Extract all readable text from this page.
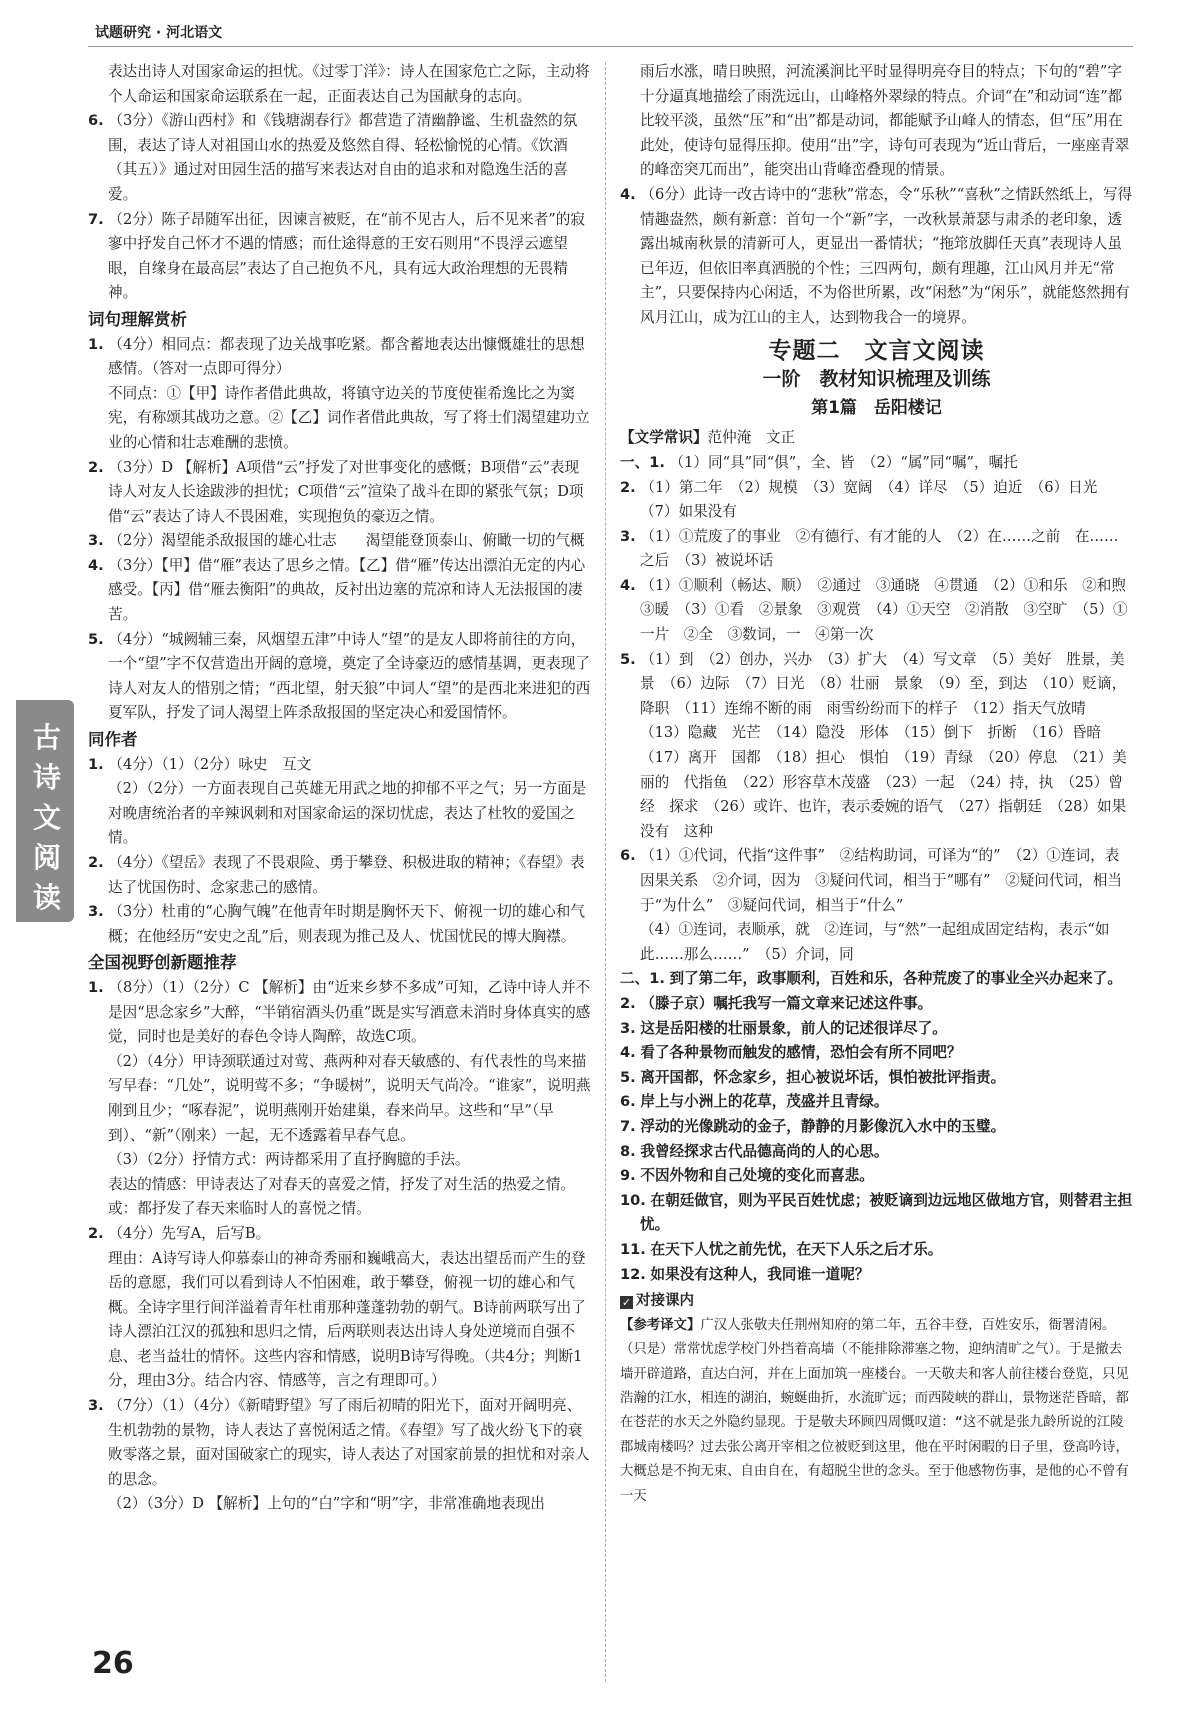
试题研究 · 河北语文
古诗文阅读

表达出诗人对国家命运的担忧。《过零丁洋》：诗人在国家危亡之际，主动将个人命运和国家命运联系在一起，正面表达自己为国献身的志向。

6. （3分）《游山西村》和《钱塘湖春行》都营造了清幽静谧、生机盎然的氛围，表达了诗人对祖国山水的热爱及悠然自得、轻松愉悦的心情。《饮酒（其五）》通过对田园生活的描写来表达对自由的追求和对隐逸生活的喜爱。

7. （2分）陈子昂随军出征，因谏言被贬，在“前不见古人，后不见来者”的寂寥中抒发自己怀才不遇的情感；而仕途得意的王安石则用“不畏浮云遮望眼，自缘身在最高层”表达了自己抱负不凡，具有远大政治理想的无畏精神。

词句理解赏析

1. （4分）相同点：都表现了边关战事吃紧。都含蓄地表达出慷慨雄壮的思想感情。（答对一点即可得分）

不同点：①【甲】诗作者借此典故，将镇守边关的节度使崔希逸比之为窦宪，有称颂其战功之意。②【乙】词作者借此典故，写了将士们渴望建功立业的心情和壮志难酬的悲愤。

2. （3分）D 【解析】A项借“云”抒发了对世事变化的感慨；B项借“云”表现诗人对友人长途跋涉的担忧；C项借“云”渲染了战斗在即的紧张气氛；D项借“云”表达了诗人不畏困难，实现抱负的豪迈之情。

3. （2分）渴望能杀敌报国的雄心壮志　　渴望能登顶泰山、俯瞰一切的气概

4. （3分）【甲】借“雁”表达了思乡之情。【乙】借“雁”传达出漂泊无定的内心感受。【丙】借“雁去衡阳”的典故，反衬出边塞的荒凉和诗人无法报国的凄苦。

5. （4分）“城阙辅三秦，风烟望五津”中诗人“望”的是友人即将前往的方向，一个“望”字不仅营造出开阔的意境，奠定了全诗豪迈的感情基调，更表现了诗人对友人的惜别之情；“西北望，射天狼”中词人“望”的是西北来进犯的西夏军队，抒发了词人渴望上阵杀敌报国的坚定决心和爱国情怀。

同作者

1. （4分）（1）（2分）咏史　互文

（2）（2分）一方面表现自己英雄无用武之地的抑郁不平之气；另一方面是对晚唐统治者的辛辣讽刺和对国家命运的深切忧虑，表达了杜牧的爱国之情。

2. （4分）《望岳》表现了不畏艰险、勇于攀登、积极进取的精神；《春望》表达了忧国伤时、念家悲己的感情。

3. （3分）杜甫的“心胸气魄”在他青年时期是胸怀天下、俯视一切的雄心和气概；在他经历“安史之乱”后，则表现为推己及人、忧国忧民的博大胸襟。

全国视野创新题推荐

1. （8分）（1）（2分）C 【解析】由“近来乡梦不多成”可知，乙诗中诗人并不是因“思念家乡”大醉，“半销宿酒头仍重”既是实写酒意未消时身体真实的感觉，同时也是美好的春色令诗人陶醉，故选C项。

（2）（4分）甲诗颈联通过对莺、燕两种对春天敏感的、有代表性的鸟来描写早春：“几处”，说明莺不多；“争暖树”，说明天气尚冷。“谁家”，说明燕刚到且少；“啄春泥”，说明燕刚开始建巢，春来尚早。这些和“早”（早到）、“新”（刚来）一起，无不透露着早春气息。

（3）（2分）抒情方式：两诗都采用了直抒胸臆的手法。

表达的情感：甲诗表达了对春天的喜爱之情，抒发了对生活的热爱之情。或：都抒发了春天来临时人的喜悦之情。

2. （4分）先写A，后写B。

理由：A诗写诗人仰慕泰山的神奇秀丽和巍峨高大，表达出望岳而产生的登岳的意愿，我们可以看到诗人不怕困难，敢于攀登，俯视一切的雄心和气概。全诗字里行间洋溢着青年杜甫那种蓬蓬勃勃的朝气。B诗前两联写出了诗人漂泊江汉的孤独和思归之情，后两联则表达出诗人身处逆境而自强不息、老当益壮的情怀。这些内容和情感，说明B诗写得晚。（共4分；判断1分，理由3分。结合内容、情感等，言之有理即可。）

3. （7分）（1）（4分）《新晴野望》写了雨后初晴的阳光下，面对开阔明亮、生机勃勃的景物，诗人表达了喜悦闲适之情。《春望》写了战火纷飞下的衰败零落之景，面对国破家亡的现实，诗人表达了对国家前景的担忧和对亲人的思念。

（2）（3分）D 【解析】上句的“白”字和“明”字，非常准确地表现出

雨后水涨，晴日映照，河流溪涧比平时显得明亮夺目的特点；下句的“碧”字十分逼真地描绘了雨洗远山，山峰格外翠绿的特点。介词“在”和动词“连”都比较平淡，虽然“压”和“出”都是动词，都能赋予山峰人的情态，但“压”用在此处，使诗句显得压抑。使用“出”字，诗句可表现为“近山背后，一座座青翠的峰峦突兀而出”，能突出山背峰峦叠现的情景。

4. （6分）此诗一改古诗中的“悲秋”常态，令“乐秋”“喜秋”之情跃然纸上，写得情趣盎然，颇有新意：首句一个“新”字，一改秋景萧瑟与肃杀的老印象，透露出城南秋景的清新可人，更显出一番情状；“拖筇放脚任天真”表现诗人虽已年迈，但依旧率真洒脱的个性；三四两句，颇有理趣，江山风月并无“常主”，只要保持内心闲适，不为俗世所累，改“闲愁”为“闲乐”，就能悠然拥有风月江山，成为江山的主人，达到物我合一的境界。

专题二　文言文阅读
一阶　教材知识梳理及训练
第1篇　岳阳楼记

【文学常识】范仲淹　文正

一、1. （1）同“具”同“俱”，全、皆　（2）“属”同“嘱”，嘱托

2. （1）第二年　（2）规模　（3）宽阔　（4）详尽　（5）迫近　（6）日光　（7）如果没有

3. （1）①荒废了的事业　②有德行、有才能的人　（2）在……之前　在……之后　（3）被说坏话

4. （1）①顺利（畅达、顺）　②通过　③通晓　④贯通　（2）①和乐　②和煦　③暖　（3）①看　②景象　③观赏　（4）①天空　②消散　③空旷　（5）①一片　②全　③数词，一　④第一次

5. （1）到　（2）创办，兴办　（3）扩大　（4）写文章　（5）美好　胜景，美景　（6）边际　（7）日光　（8）壮丽　景象　（9）至，到达　（10）贬谪，降职　（11）连绵不断的雨　雨雪纷纷而下的样子　（12）指天气放晴　（13）隐藏　光芒　（14）隐没　形体　（15）倒下　折断　（16）昏暗　（17）离开　国都　（18）担心　惧怕　（19）青绿　（20）停息　（21）美丽的　代指鱼　（22）形容草木茂盛　（23）一起　（24）持，执　（25）曾经　探求　（26）或许、也许，表示委婉的语气　（27）指朝廷　（28）如果没有　这种

6. （1）①代词，代指“这件事”　②结构助词，可译为“的”　（2）①连词，表因果关系　②介词，因为　③疑问代词，相当于“哪有”　②疑问代词，相当于“为什么”　③疑问代词，相当于“什么”

（4）①连词，表顺承，就　②连词，与“然”一起组成固定结构，表示“如此……那么……”　（5）介词，同

二、1. 到了第二年，政事顺利，百姓和乐，各种荒废了的事业全兴办起来了。

2. （滕子京）嘱托我写一篇文章来记述这件事。

3. 这是岳阳楼的壮丽景象，前人的记述很详尽了。

4. 看了各种景物而触发的感情，恐怕会有所不同吧？

5. 离开国都，怀念家乡，担心被说坏话，惧怕被批评指责。

6. 岸上与小洲上的花草，茂盛并且青绿。

7. 浮动的光像跳动的金子，静静的月影像沉入水中的玉璧。

8. 我曾经探求古代品德高尚的人的心思。

9. 不因外物和自己处境的变化而喜悲。

10. 在朝廷做官，则为平民百姓忧虑；被贬谪到边远地区做地方官，则替君主担忧。

11. 在天下人忧之前先忧，在天下人乐之后才乐。

12. 如果没有这种人，我同谁一道呢？

✓ 对接课内

【参考译文】广汉人张敬夫任荆州知府的第二年，五谷丰登，百姓安乐，衙署清闲。（只是）常常忧虑学校门外挡着高墙（不能排除滞塞之物，迎纳清旷之气）。于是撤去墙开辟道路，直达白河，并在上面加筑一座楼台。一天敬夫和客人前往楼台登览，只见浩瀚的江水，相连的湖泊，蜿蜒曲折，水流旷远；而西陵峡的群山，景物迷茫昏暗，都在苍茫的水天之外隐约显现。于是敬夫环顾四周慨叹道：“这不就是张九龄所说的江陵郡城南楼吗？过去张公离开宰相之位被贬到这里，他在平时闲暇的日子里，登高吟诗，大概总是不拘无束、自由自在，有超脱尘世的念头。至于他感物伤事，是他的心不曾有一天

26
